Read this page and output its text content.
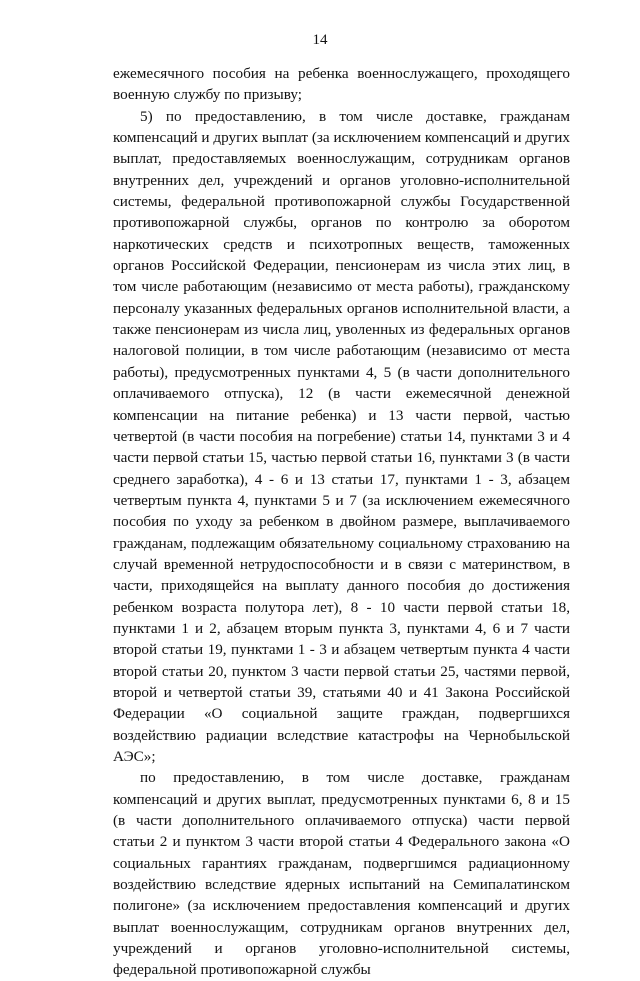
14

ежемесячного пособия на ребенка военнослужащего, проходящего военную службу по призыву;

5) по предоставлению, в том числе доставке, гражданам компенсаций и других выплат (за исключением компенсаций и других выплат, предоставляемых военнослужащим, сотрудникам органов внутренних дел, учреждений и органов уголовно-исполнительной системы, федеральной противопожарной службы Государственной противопожарной службы, органов по контролю за оборотом наркотических средств и психотропных веществ, таможенных органов Российской Федерации, пенсионерам из числа этих лиц, в том числе работающим (независимо от места работы), гражданскому персоналу указанных федеральных органов исполнительной власти, а также пенсионерам из числа лиц, уволенных из федеральных органов налоговой полиции, в том числе работающим (независимо от места работы), предусмотренных пунктами 4, 5 (в части дополнительного оплачиваемого отпуска), 12 (в части ежемесячной денежной компенсации на питание ребенка) и 13 части первой, частью четвертой (в части пособия на погребение) статьи 14, пунктами 3 и 4 части первой статьи 15, частью первой статьи 16, пунктами 3 (в части среднего заработка), 4 - 6 и 13 статьи 17, пунктами 1 - 3, абзацем четвертым пункта 4, пунктами 5 и 7 (за исключением ежемесячного пособия по уходу за ребенком в двойном размере, выплачиваемого гражданам, подлежащим обязательному социальному страхованию на случай временной нетрудоспособности и в связи с материнством, в части, приходящейся на выплату данного пособия до достижения ребенком возраста полутора лет), 8 - 10 части первой статьи 18, пунктами 1 и 2, абзацем вторым пункта 3, пунктами 4, 6 и 7 части второй статьи 19, пунктами 1 - 3 и абзацем четвертым пункта 4 части второй статьи 20, пунктом 3 части первой статьи 25, частями первой, второй и четвертой статьи 39, статьями 40 и 41 Закона Российской Федерации «О социальной защите граждан, подвергшихся воздействию радиации вследствие катастрофы на Чернобыльской АЭС»;

по предоставлению, в том числе доставке, гражданам компенсаций и других выплат, предусмотренных пунктами 6, 8 и 15 (в части дополнительного оплачиваемого отпуска) части первой статьи 2 и пунктом 3 части второй статьи 4 Федерального закона «О социальных гарантиях гражданам, подвергшимся радиационному воздействию вследствие ядерных испытаний на Семипалатинском полигоне» (за исключением предоставления компенсаций и других выплат военнослужащим, сотрудникам органов внутренних дел, учреждений и органов уголовно-исполнительной системы, федеральной противопожарной службы
